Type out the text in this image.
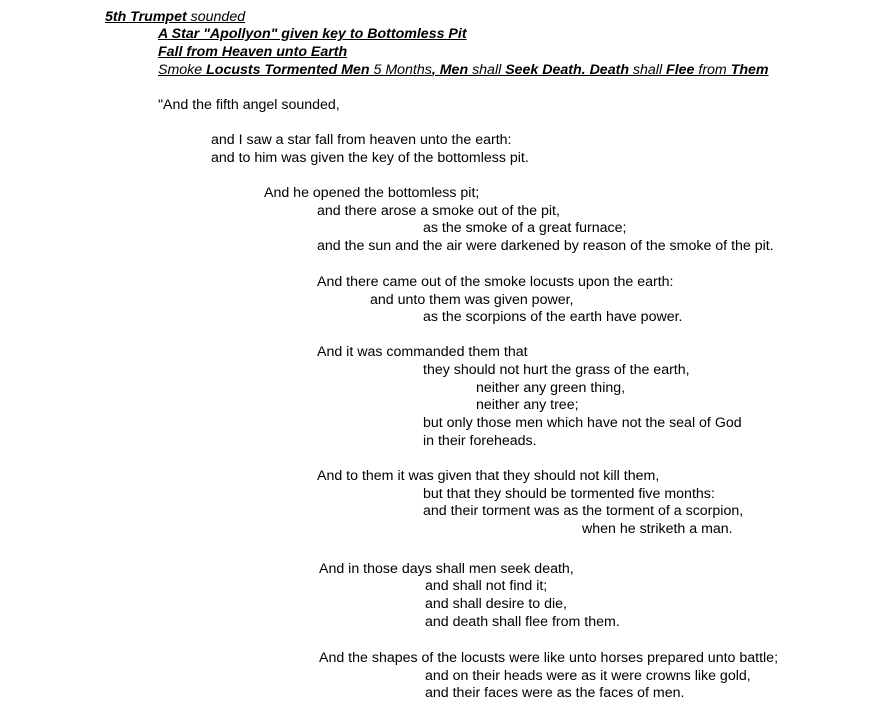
5th Trumpet sounded
A Star "Apollyon" given key to Bottomless Pit
Fall from Heaven unto Earth
Smoke Locusts Tormented Men 5 Months, Men shall Seek Death. Death shall Flee from Them
"And the fifth angel sounded,
and I saw a star fall from heaven unto the earth:
and to him was given the key of the bottomless pit.
And he opened the bottomless pit;
and there arose a smoke out of the pit,
as the smoke of a great furnace;
and the sun and the air were darkened by reason of the smoke of the pit.
And there came out of the smoke locusts upon the earth:
and unto them was given power,
as the scorpions of the earth have power.
And it was commanded them that
they should not hurt the grass of the earth,
neither any green thing,
neither any tree;
but only those men which have not the seal of God
in their foreheads.
And to them it was given that they should not kill them,
but that they should be tormented five months:
and their torment was as the torment of a scorpion,
when he striketh a man.
And in those days shall men seek death,
and shall not find it;
and shall desire to die,
and death shall flee from them.
And the shapes of the locusts were like unto horses prepared unto battle;
and on their heads were as it were crowns like gold,
and their faces were as the faces of men.
